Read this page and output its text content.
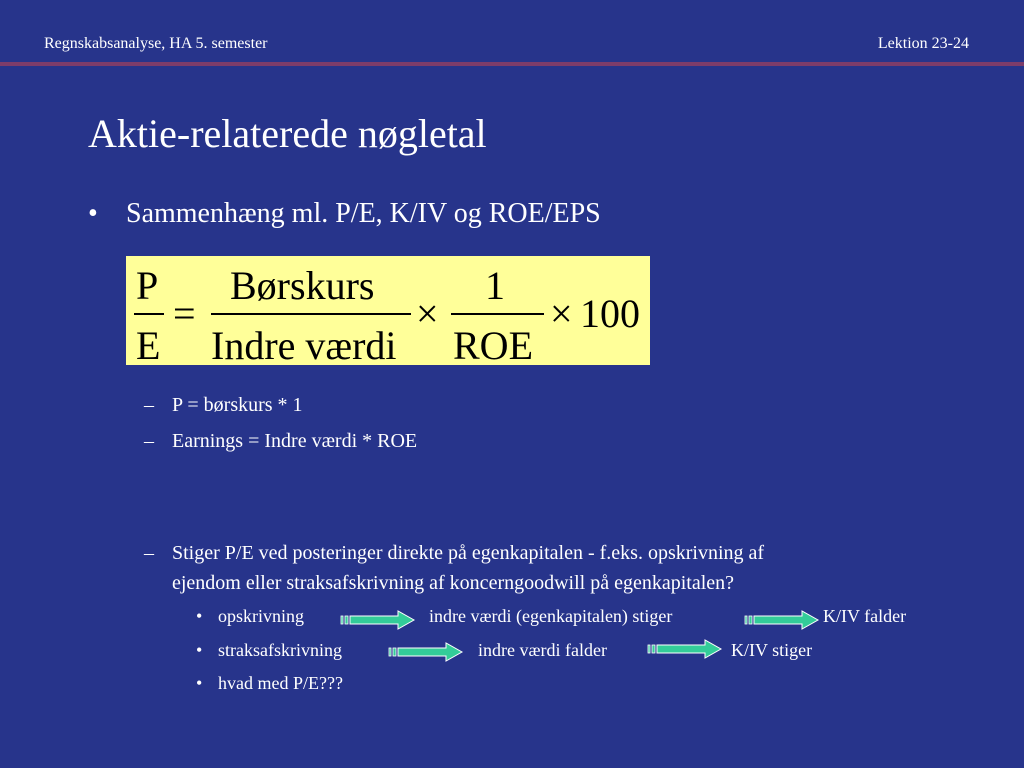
Regnskabsanalyse, HA 5. semester	Lektion 23-24
Aktie-relaterede nøgletal
• Sammenhæng ml. P/E, K/IV og ROE/EPS
P
E
=
Børskurs
Indre værdi
×
1
ROE
× 100
– P = børskurs * 1
– Earnings = Indre værdi * ROE
– Stiger P/E ved posteringer direkte på egenkapitalen - f.eks. opskrivning af
ejendom eller straksafskrivning af koncerngoodwill på egenkapitalen?
• opskrivning	indre værdi (egenkapitalen) stiger	K/IV falder
• straksafskrivning	indre værdi falder	K/IV stiger
• hvad med P/E???
